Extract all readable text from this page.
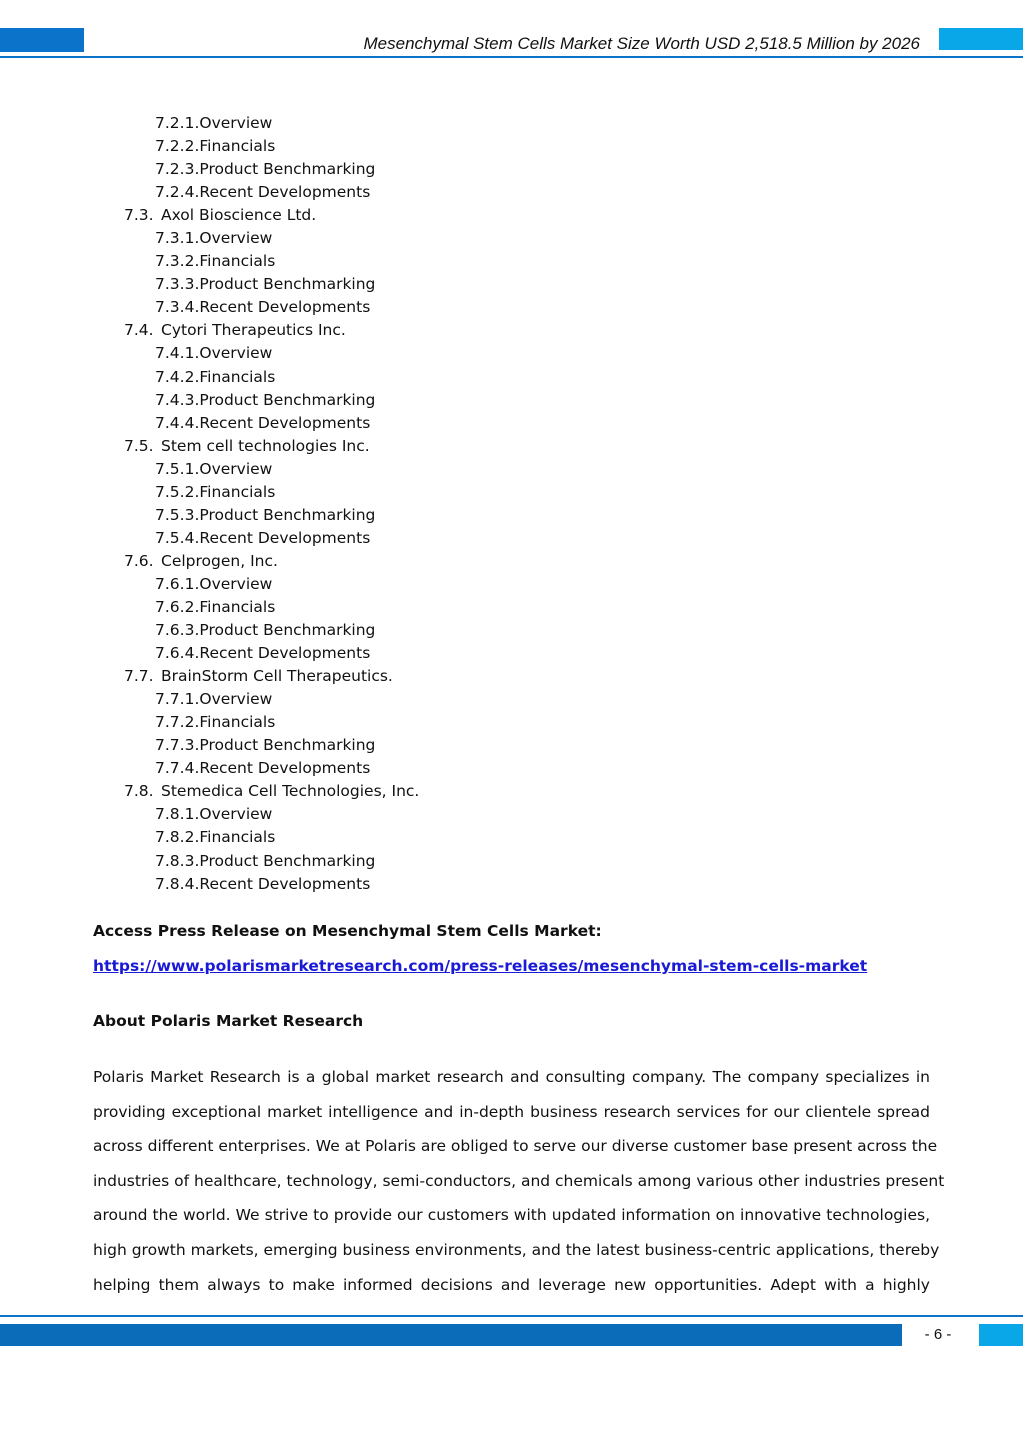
Mesenchymal Stem Cells Market Size Worth USD 2,518.5 Million by 2026
7.2.1.Overview
7.2.2.Financials
7.2.3.Product Benchmarking
7.2.4.Recent Developments
7.3. Axol Bioscience Ltd.
7.3.1.Overview
7.3.2.Financials
7.3.3.Product Benchmarking
7.3.4.Recent Developments
7.4. Cytori Therapeutics Inc.
7.4.1.Overview
7.4.2.Financials
7.4.3.Product Benchmarking
7.4.4.Recent Developments
7.5. Stem cell technologies Inc.
7.5.1.Overview
7.5.2.Financials
7.5.3.Product Benchmarking
7.5.4.Recent Developments
7.6. Celprogen, Inc.
7.6.1.Overview
7.6.2.Financials
7.6.3.Product Benchmarking
7.6.4.Recent Developments
7.7. BrainStorm Cell Therapeutics.
7.7.1.Overview
7.7.2.Financials
7.7.3.Product Benchmarking
7.7.4.Recent Developments
7.8. Stemedica Cell Technologies, Inc.
7.8.1.Overview
7.8.2.Financials
7.8.3.Product Benchmarking
7.8.4.Recent Developments
Access Press Release on Mesenchymal Stem Cells Market:
https://www.polarismarketresearch.com/press-releases/mesenchymal-stem-cells-market
About Polaris Market Research
Polaris Market Research is a global market research and consulting company. The company specializes in
providing exceptional market intelligence and in-depth business research services for our clientele spread
across different enterprises. We at Polaris are obliged to serve our diverse customer base present across the
industries of healthcare, technology, semi-conductors, and chemicals among various other industries present
around the world. We strive to provide our customers with updated information on innovative technologies,
high growth markets, emerging business environments, and the latest business-centric applications, thereby
helping them always to make informed decisions and leverage new opportunities. Adept with a highly
- 6 -
